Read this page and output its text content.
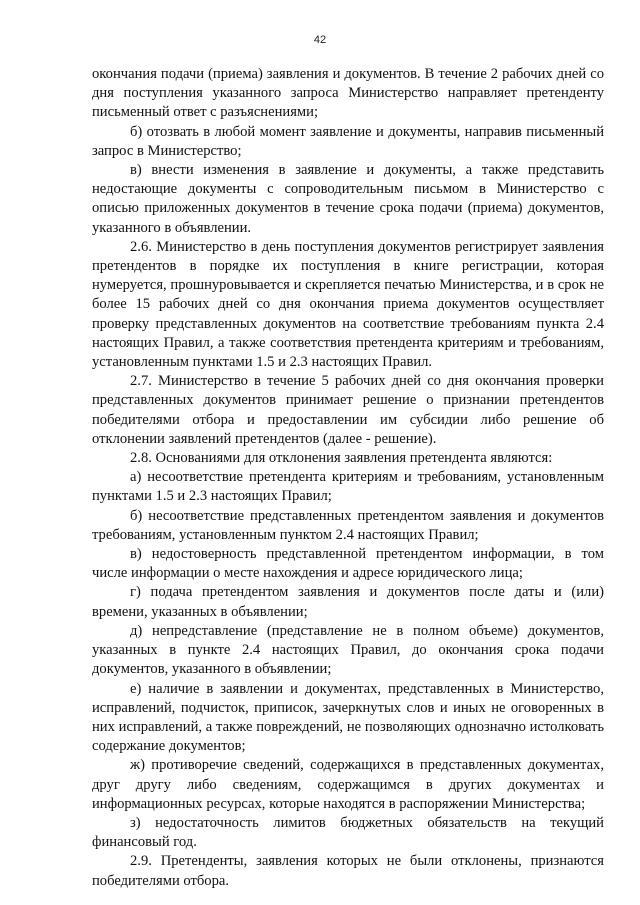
42

окончания подачи (приема) заявления и документов. В течение 2 рабочих дней со дня поступления указанного запроса Министерство направляет претенденту письменный ответ с разъяснениями;

б) отозвать в любой момент заявление и документы, направив письменный запрос в Министерство;

в) внести изменения в заявление и документы, а также представить недостающие документы с сопроводительным письмом в Министерство с описью приложенных документов в течение срока подачи (приема) документов, указанного в объявлении.

2.6. Министерство в день поступления документов регистрирует заявления претендентов в порядке их поступления в книге регистрации, которая нумеруется, прошнуровывается и скрепляется печатью Министерства, и в срок не более 15 рабочих дней со дня окончания приема документов осуществляет проверку представленных документов на соответствие требованиям пункта 2.4 настоящих Правил, а также соответствия претендента критериям и требованиям, установленным пунктами 1.5 и 2.3 настоящих Правил.

2.7. Министерство в течение 5 рабочих дней со дня окончания проверки представленных документов принимает решение о признании претендентов победителями отбора и предоставлении им субсидии либо решение об отклонении заявлений претендентов (далее - решение).

2.8. Основаниями для отклонения заявления претендента являются:

а) несоответствие претендента критериям и требованиям, установленным пунктами 1.5 и 2.3 настоящих Правил;

б) несоответствие представленных претендентом заявления и документов требованиям, установленным пунктом 2.4 настоящих Правил;

в) недостоверность представленной претендентом информации, в том числе информации о месте нахождения и адресе юридического лица;

г) подача претендентом заявления и документов после даты и (или) времени, указанных в объявлении;

д) непредставление (представление не в полном объеме) документов, указанных в пункте 2.4 настоящих Правил, до окончания срока подачи документов, указанного в объявлении;

е) наличие в заявлении и документах, представленных в Министерство, исправлений, подчисток, приписок, зачеркнутых слов и иных не оговоренных в них исправлений, а также повреждений, не позволяющих однозначно истолковать содержание документов;

ж) противоречие сведений, содержащихся в представленных документах, друг другу либо сведениям, содержащимся в других документах и информационных ресурсах, которые находятся в распоряжении Министерства;

з) недостаточность лимитов бюджетных обязательств на текущий финансовый год.

2.9. Претенденты, заявления которых не были отклонены, признаются победителями отбора.
